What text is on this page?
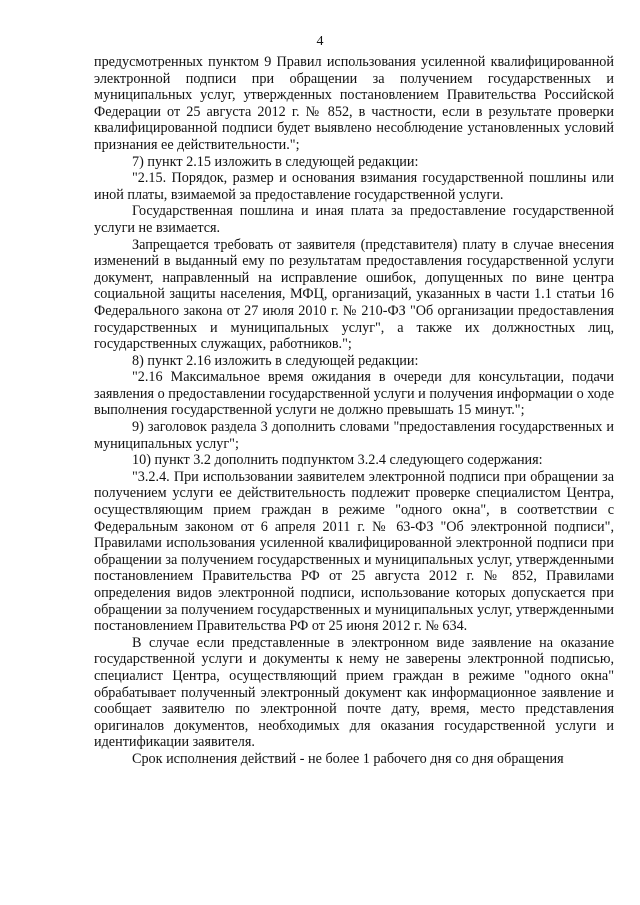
4

предусмотренных пунктом 9 Правил использования усиленной квалифицированной электронной подписи при обращении за получением государственных и муниципальных услуг, утвержденных постановлением Правительства Российской Федерации от 25 августа 2012 г. № 852, в частности, если в результате проверки квалифицированной подписи будет выявлено несоблюдение установленных условий признания ее действительности.";

7) пункт 2.15 изложить в следующей редакции:

"2.15. Порядок, размер и основания взимания государственной пошлины или иной платы, взимаемой за предоставление государственной услуги.

Государственная пошлина и иная плата за предоставление государственной услуги не взимается.

Запрещается требовать от заявителя (представителя) плату в случае внесения изменений в выданный ему по результатам предоставления государственной услуги документ, направленный на исправление ошибок, допущенных по вине центра социальной защиты населения, МФЦ, организаций, указанных в части 1.1 статьи 16 Федерального закона от 27 июля 2010 г. № 210-ФЗ "Об организации предоставления государственных и муниципальных услуг", а также их должностных лиц, государственных служащих, работников.";

8) пункт 2.16 изложить в следующей редакции:

"2.16 Максимальное время ожидания в очереди для консультации, подачи заявления о предоставлении государственной услуги и получения информации о ходе выполнения государственной услуги не должно превышать 15 минут.";

9) заголовок раздела 3 дополнить словами "предоставления государственных и муниципальных услуг";

10) пункт 3.2 дополнить подпунктом 3.2.4 следующего содержания:

"3.2.4. При использовании заявителем электронной подписи при обращении за получением услуги ее действительность подлежит проверке специалистом Центра, осуществляющим прием граждан в режиме "одного окна", в соответствии с Федеральным законом от 6 апреля 2011 г. № 63-ФЗ "Об электронной подписи", Правилами использования усиленной квалифицированной электронной подписи при обращении за получением государственных и муниципальных услуг, утвержденными постановлением Правительства РФ от 25 августа 2012 г. № 852, Правилами определения видов электронной подписи, использование которых допускается при обращении за получением государственных и муниципальных услуг, утвержденными постановлением Правительства РФ от 25 июня 2012 г. № 634.

В случае если представленные в электронном виде заявление на оказание государственной услуги и документы к нему не заверены электронной подписью, специалист Центра, осуществляющий прием граждан в режиме "одного окна" обрабатывает полученный электронный документ как информационное заявление и сообщает заявителю по электронной почте дату, время, место представления оригиналов документов, необходимых для оказания государственной услуги и идентификации заявителя.

Срок исполнения действий - не более 1 рабочего дня со дня обращения
